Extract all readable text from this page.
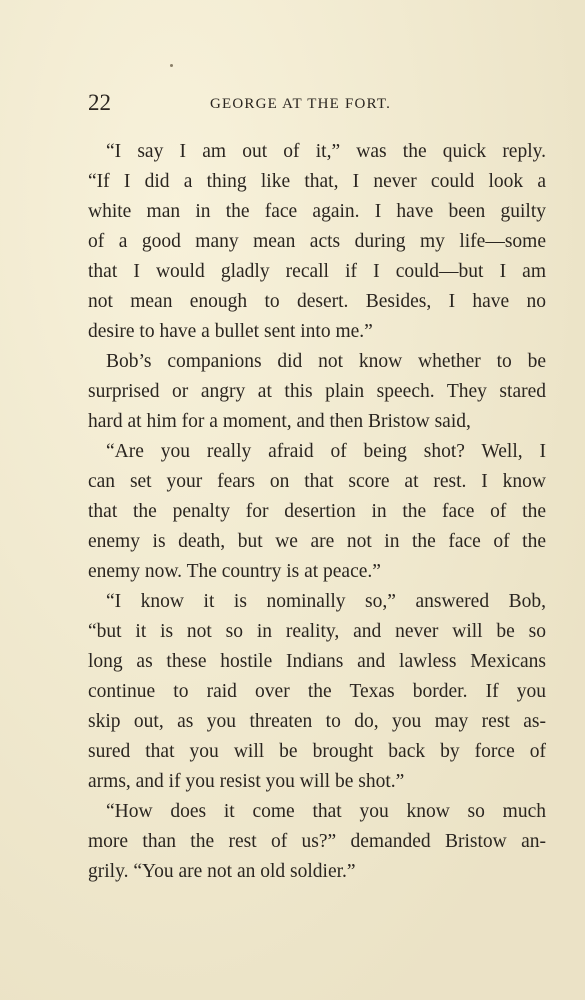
22	GEORGE AT THE FORT.
“I say I am out of it,” was the quick reply.
“If I did a thing like that, I never could look a
white man in the face again. I have been guilty
of a good many mean acts during my life—some
that I would gladly recall if I could—but I am
not mean enough to desert. Besides, I have no
desire to have a bullet sent into me.”
Bob’s companions did not know whether to be
surprised or angry at this plain speech. They stared
hard at him for a moment, and then Bristow said,
“Are you really afraid of being shot? Well, I
can set your fears on that score at rest. I know
that the penalty for desertion in the face of the
enemy is death, but we are not in the face of the
enemy now. The country is at peace.”
“I know it is nominally so,” answered Bob,
“but it is not so in reality, and never will be so
long as these hostile Indians and lawless Mexicans
continue to raid over the Texas border. If you
skip out, as you threaten to do, you may rest as-
sured that you will be brought back by force of
arms, and if you resist you will be shot.”
“How does it come that you know so much
more than the rest of us?” demanded Bristow an-
grily. “You are not an old soldier.”
